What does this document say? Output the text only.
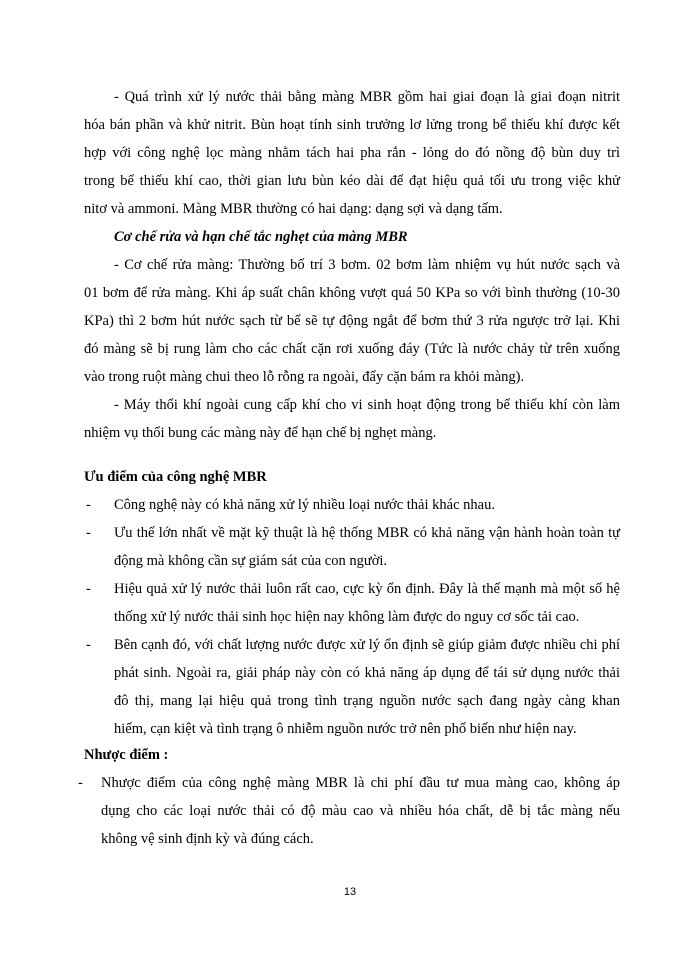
- Quá trình xử lý nước thải bằng màng MBR gồm hai giai đoạn là giai đoạn nitrit
hóa bán phần và khử nitrit. Bùn hoạt tính sinh trưởng lơ lửng trong bể thiếu khí được kết
hợp với công nghệ lọc màng nhằm tách hai pha rắn - lỏng do đó nồng độ bùn duy trì
trong bể thiếu khí cao, thời gian lưu bùn kéo dài để đạt hiệu quả tối ưu trong việc khử
nitơ và ammoni. Màng MBR thường có hai dạng: dạng sợi và dạng tấm.
Cơ chế rửa và hạn chế tắc nghẹt của màng MBR
- Cơ chế rửa màng: Thường bố trí 3 bơm. 02 bơm làm nhiệm vụ hút nước sạch và
01 bơm để rửa màng. Khi áp suất chân không vượt quá 50 KPa so với bình thường (10-30
KPa) thì 2 bơm hút nước sạch từ bể sẽ tự động ngắt để bơm thứ 3 rửa ngược trở lại. Khi
đó màng sẽ bị rung làm cho các chất cặn rơi xuống đáy (Tức là nước chảy từ trên xuống
vào trong ruột màng chui theo lỗ rỗng ra ngoài, đẩy cặn bám ra khỏi màng).
- Máy thổi khí ngoài cung cấp khí cho vi sinh hoạt động trong bể thiếu khí còn làm
nhiệm vụ thổi bung các màng này để hạn chế bị nghẹt màng.
Ưu điểm của công nghệ MBR
- Công nghệ này có khả năng xử lý nhiều loại nước thải khác nhau.
- Ưu thế lớn nhất về mặt kỹ thuật là hệ thống MBR có khả năng vận hành hoàn toàn tự
động mà không cần sự giám sát của con người.
- Hiệu quả xử lý nước thải luôn rất cao, cực kỳ ổn định. Đây là thế mạnh mà một số hệ
thống xử lý nước thải sinh học hiện nay không làm được do nguy cơ sốc tải cao.
- Bên cạnh đó, với chất lượng nước được xử lý ổn định sẽ giúp giảm được nhiều chi phí
phát sinh. Ngoài ra, giải pháp này còn có khả năng áp dụng để tái sử dụng nước thải
đô thị, mang lại hiệu quả trong tình trạng nguồn nước sạch đang ngày càng khan
hiếm, cạn kiệt và tình trạng ô nhiễm nguồn nước trở nên phổ biến như hiện nay.
Nhược điểm :
- Nhược điểm của công nghệ màng MBR là chi phí đầu tư mua màng cao, không áp
dụng cho các loại nước thải có độ màu cao và nhiều hóa chất, dễ bị tắc màng nếu
không vệ sinh định kỳ và đúng cách.
13
